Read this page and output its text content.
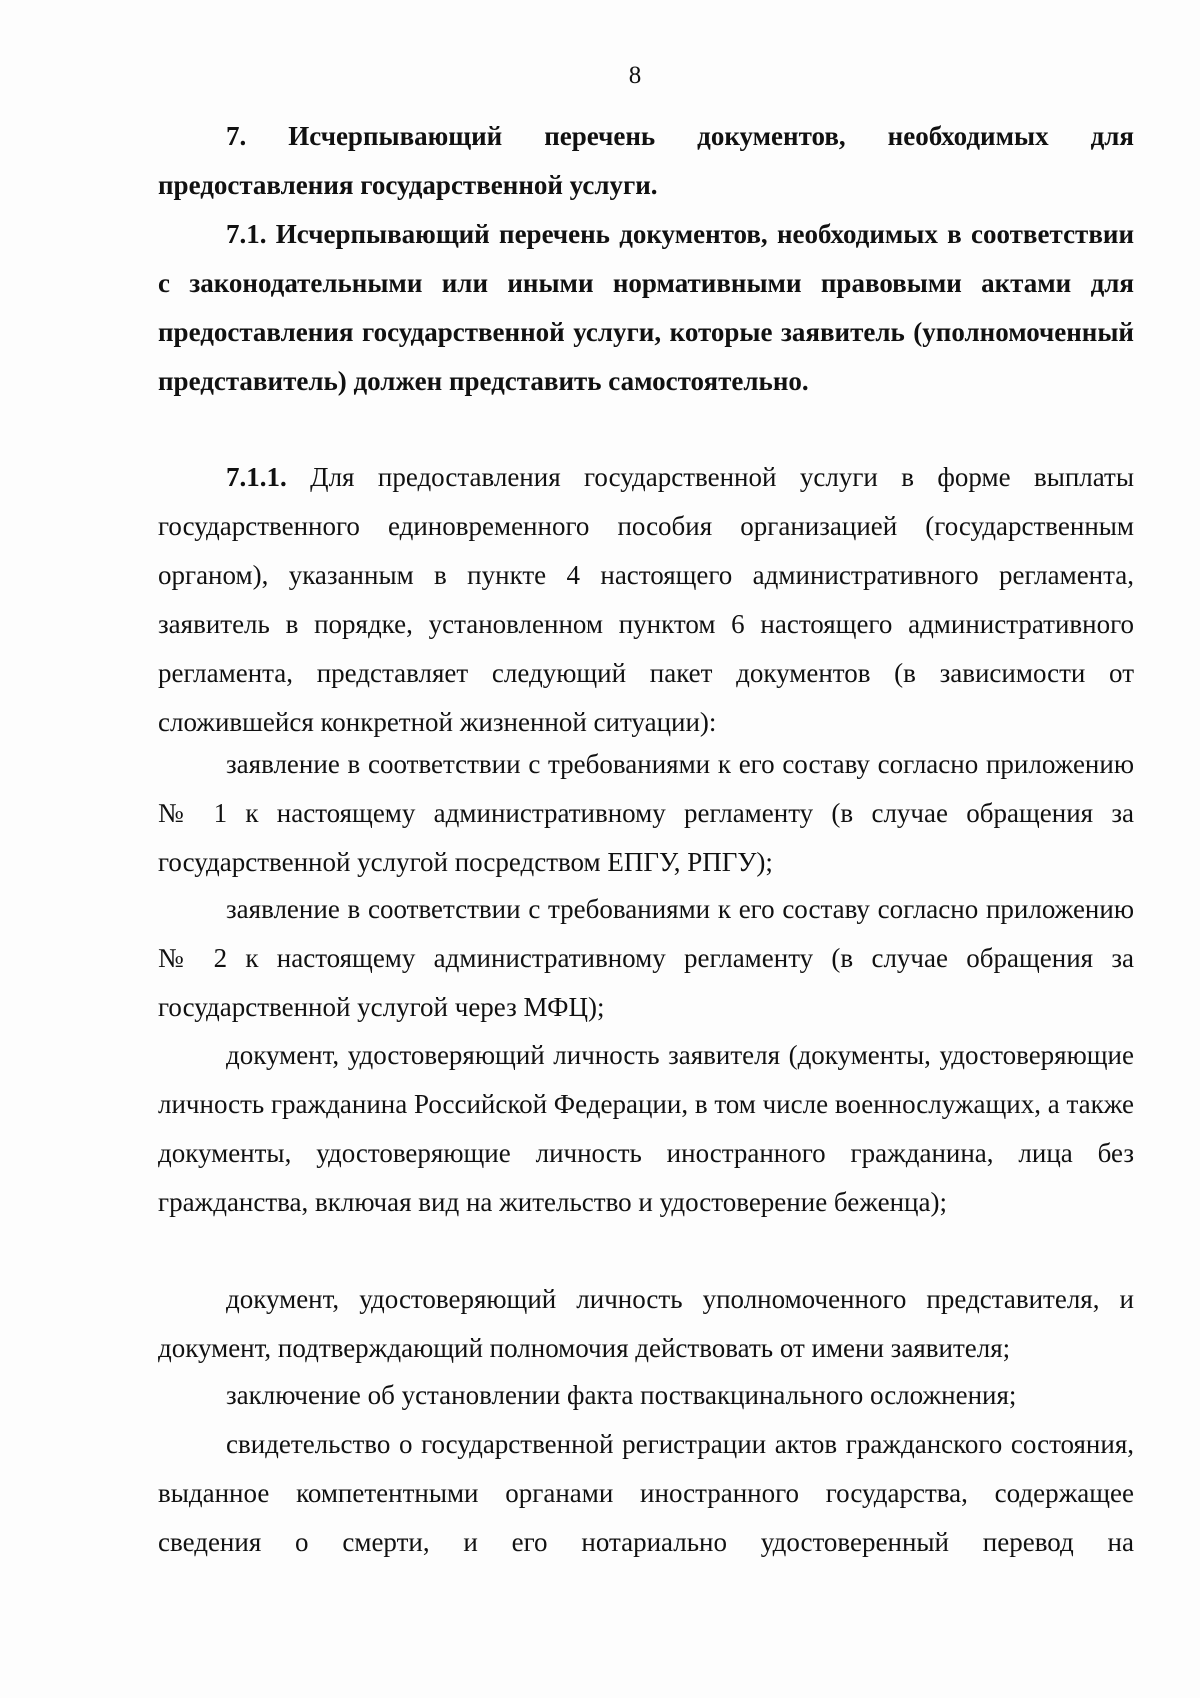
8

7. Исчерпывающий перечень документов, необходимых для предоставления государственной услуги.

7.1. Исчерпывающий перечень документов, необходимых в соответствии с законодательными или иными нормативными правовыми актами для предоставления государственной услуги, которые заявитель (уполномоченный представитель) должен представить самостоятельно.

7.1.1. Для предоставления государственной услуги в форме выплаты государственного единовременного пособия организацией (государственным органом), указанным в пункте 4 настоящего административного регламента, заявитель в порядке, установленном пунктом 6 настоящего административного регламента, представляет следующий пакет документов (в зависимости от сложившейся конкретной жизненной ситуации):

заявление в соответствии с требованиями к его составу согласно приложению № 1 к настоящему административному регламенту (в случае обращения за государственной услугой посредством ЕПГУ, РПГУ);

заявление в соответствии с требованиями к его составу согласно приложению № 2 к настоящему административному регламенту (в случае обращения за государственной услугой через МФЦ);

документ, удостоверяющий личность заявителя (документы, удостоверяющие личность гражданина Российской Федерации, в том числе военнослужащих, а также документы, удостоверяющие личность иностранного гражданина, лица без гражданства, включая вид на жительство и удостоверение беженца);

документ, удостоверяющий личность уполномоченного представителя, и документ, подтверждающий полномочия действовать от имени заявителя;

заключение об установлении факта поствакцинального осложнения;

свидетельство о государственной регистрации актов гражданского состояния, выданное компетентными органами иностранного государства, содержащее сведения о смерти, и его нотариально удостоверенный перевод на
